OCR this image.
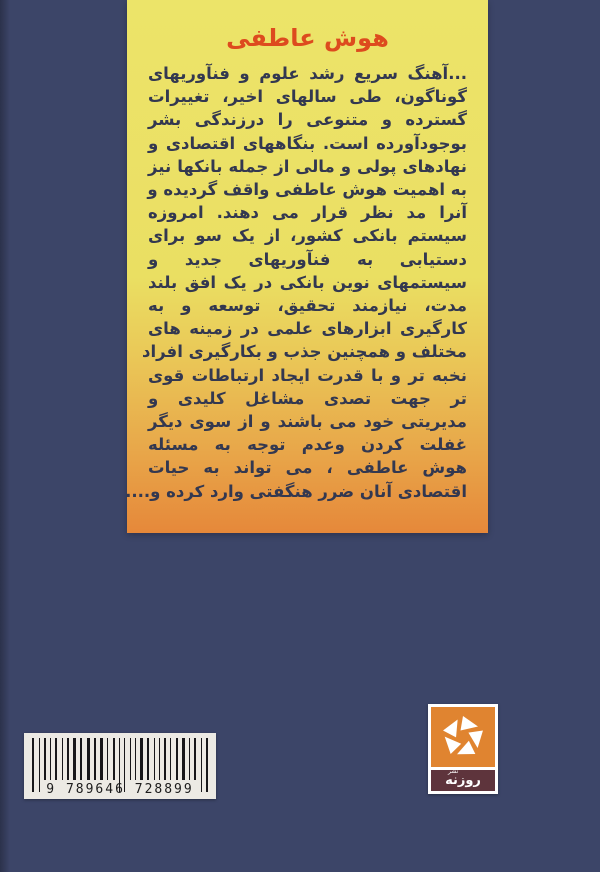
هوش عاطفی
...آهنگ سریع رشد علوم و فنآوریهای
گوناگون، طی سالهای اخیر، تغییرات
گسترده و متنوعی را درزندگی بشر
بوجودآورده است. بنگاههای اقتصادی و
نهادهای پولی و مالی از جمله بانکها نیز
به اهمیت هوش عاطفی واقف گردیده و
آنرا مد نظر قرار می دهند. امروزه
سیستم بانکی کشور، از یک سو برای
دستیابی به فنآوریهای جدید و
سیستمهای نوین بانکی در یک افق بلند
مدت، نیازمند تحقیق، توسعه و به
کارگیری ابزارهای علمی در زمینه های
مختلف و همچنین جذب و بکارگیری افراد
نخبه تر و با قدرت ایجاد ارتباطات قوی
تر جهت تصدی مشاغل کلیدی و
مدیریتی خود می باشند و از سوی دیگر
غفلت کردن وعدم توجه به مسئله
هوش عاطفی ، می تواند به حیات
اقتصادی آنان ضرر هنگفتی وارد کرده و....
9 789646 728899
نشر
روزنه
